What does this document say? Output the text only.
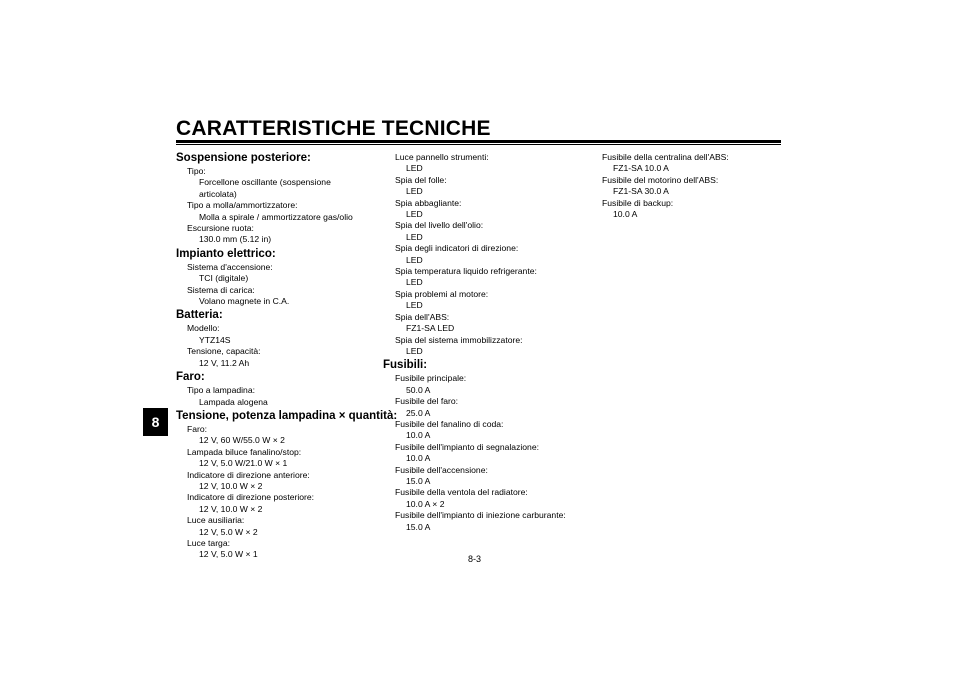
CARATTERISTICHE TECNICHE
8
Sospensione posteriore:
Tipo:
Forcellone oscillante (sospensione
articolata)
Tipo a molla/ammortizzatore:
Molla a spirale / ammortizzatore gas/olio
Escursione ruota:
130.0 mm (5.12 in)
Impianto elettrico:
Sistema d'accensione:
TCI (digitale)
Sistema di carica:
Volano magnete in C.A.
Batteria:
Modello:
YTZ14S
Tensione, capacità:
12 V, 11.2 Ah
Faro:
Tipo a lampadina:
Lampada alogena
Tensione, potenza lampadina × quantità:
Faro:
12 V, 60 W/55.0 W × 2
Lampada biluce fanalino/stop:
12 V, 5.0 W/21.0 W × 1
Indicatore di direzione anteriore:
12 V, 10.0 W × 2
Indicatore di direzione posteriore:
12 V, 10.0 W × 2
Luce ausiliaria:
12 V, 5.0 W × 2
Luce targa:
12 V, 5.0 W × 1
Luce pannello strumenti:
LED
Spia del folle:
LED
Spia abbagliante:
LED
Spia del livello dell'olio:
LED
Spia degli indicatori di direzione:
LED
Spia temperatura liquido refrigerante:
LED
Spia problemi al motore:
LED
Spia dell'ABS:
FZ1-SA LED
Spia del sistema immobilizzatore:
LED
Fusibili:
Fusibile principale:
50.0 A
Fusibile del faro:
25.0 A
Fusibile del fanalino di coda:
10.0 A
Fusibile dell'impianto di segnalazione:
10.0 A
Fusibile dell'accensione:
15.0 A
Fusibile della ventola del radiatore:
10.0 A × 2
Fusibile dell'impianto di iniezione carburante:
15.0 A
Fusibile della centralina dell'ABS:
FZ1-SA 10.0 A
Fusibile del motorino dell'ABS:
FZ1-SA 30.0 A
Fusibile di backup:
10.0 A
8-3
